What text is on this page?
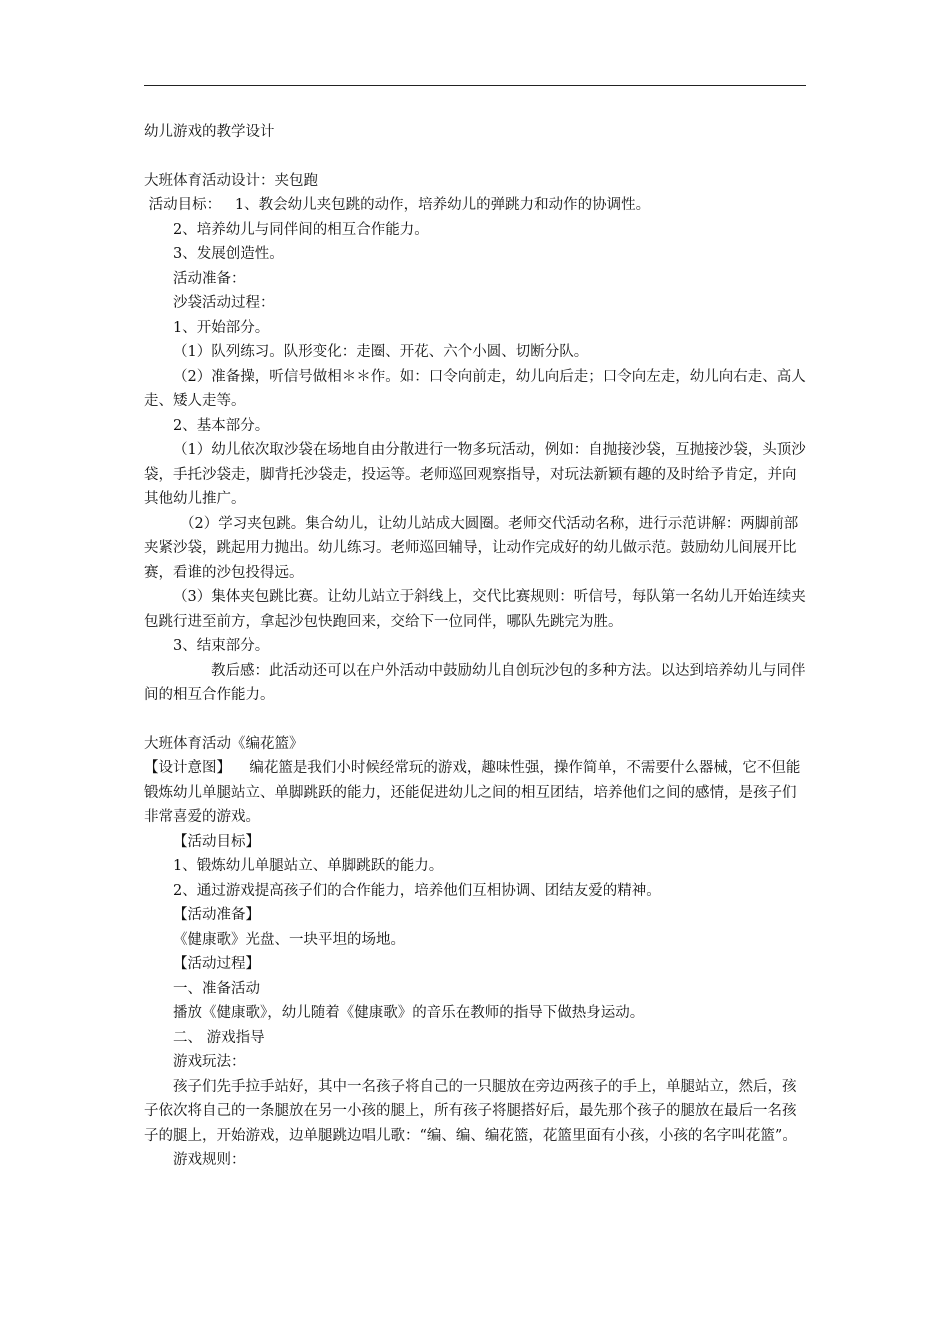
幼儿游戏的教学设计

大班体育活动设计：夹包跑

活动目标：   1、教会幼儿夹包跳的动作，培养幼儿的弹跳力和动作的协调性。

2、培养幼儿与同伴间的相互合作能力。

3、发展创造性。

活动准备：

沙袋活动过程：

1、开始部分。

（1）队列练习。队形变化：走圈、开花、六个小圆、切断分队。

（2）准备操，听信号做相＊＊作。如：口令向前走，幼儿向后走；口令向左走，幼儿向右走、高人走、矮人走等。

2、基本部分。

（1）幼儿依次取沙袋在场地自由分散进行一物多玩活动，例如：自抛接沙袋，互抛接沙袋，头顶沙袋，手托沙袋走，脚背托沙袋走，投运等。老师巡回观察指导，对玩法新颖有趣的及时给予肯定，并向其他幼儿推广。

（2）学习夹包跳。集合幼儿，让幼儿站成大圆圈。老师交代活动名称，进行示范讲解：两脚前部夹紧沙袋，跳起用力抛出。幼儿练习。老师巡回辅导，让动作完成好的幼儿做示范。鼓励幼儿间展开比赛，看谁的沙包投得远。

（3）集体夹包跳比赛。让幼儿站立于斜线上，交代比赛规则：听信号，每队第一名幼儿开始连续夹包跳行进至前方，拿起沙包快跑回来，交给下一位同伴，哪队先跳完为胜。

3、结束部分。

教后感：此活动还可以在户外活动中鼓励幼儿自创玩沙包的多种方法。以达到培养幼儿与同伴间的相互合作能力。

大班体育活动《编花篮》

【设计意图】    编花篮是我们小时候经常玩的游戏，趣味性强，操作简单，不需要什么器械，它不但能锻炼幼儿单腿站立、单脚跳跃的能力，还能促进幼儿之间的相互团结，培养他们之间的感情，是孩子们非常喜爱的游戏。

【活动目标】

1、锻炼幼儿单腿站立、单脚跳跃的能力。

2、通过游戏提高孩子们的合作能力，培养他们互相协调、团结友爱的精神。

【活动准备】

《健康歌》光盘、一块平坦的场地。

【活动过程】

一、准备活动

播放《健康歌》，幼儿随着《健康歌》的音乐在教师的指导下做热身运动。

二、 游戏指导

游戏玩法：

孩子们先手拉手站好，其中一名孩子将自己的一只腿放在旁边两孩子的手上，单腿站立，然后，孩子依次将自己的一条腿放在另一小孩的腿上，所有孩子将腿搭好后，最先那个孩子的腿放在最后一名孩子的腿上，开始游戏，边单腿跳边唱儿歌：“编、编、编花篮，花篮里面有小孩，小孩的名字叫花篮”。

游戏规则：
